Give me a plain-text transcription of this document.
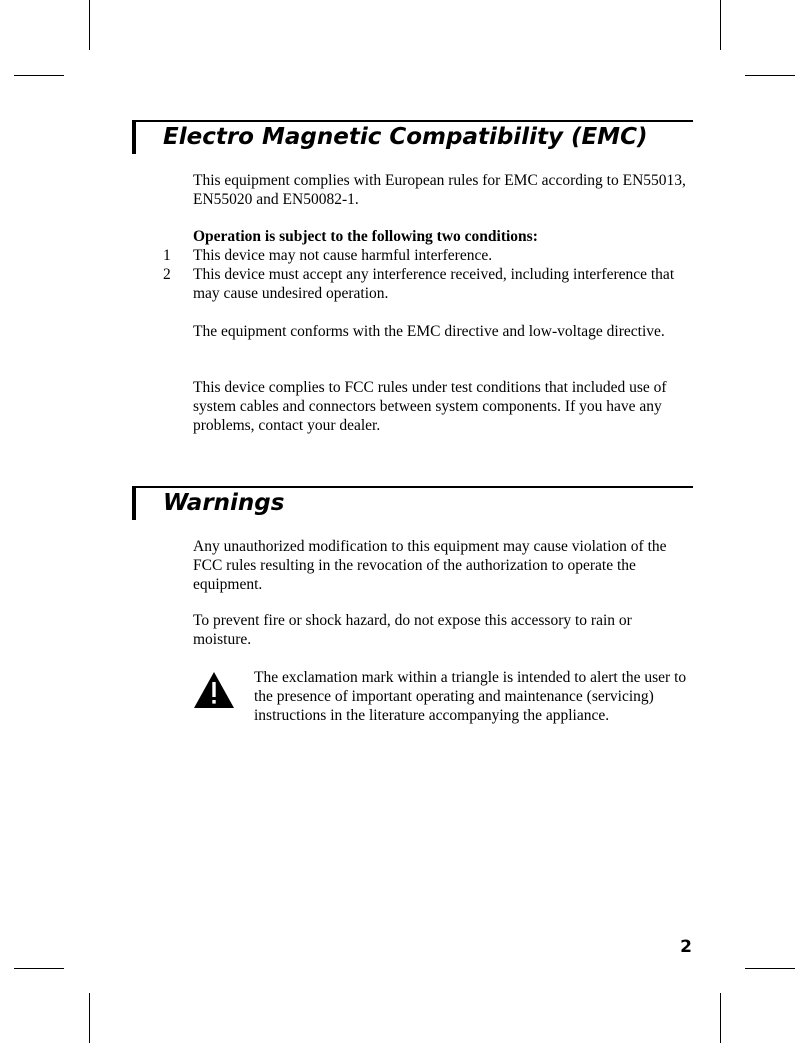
Electro Magnetic Compatibility (EMC)

This equipment complies with European rules for EMC according to EN55013, EN55020 and EN50082-1.

Operation is subject to the following two conditions:

1 This device may not cause harmful interference.
2 This device must accept any interference received, including interference that may cause undesired operation.

The equipment conforms with the EMC directive and low-voltage directive.

This device complies to FCC rules under test conditions that included use of system cables and connectors between system components. If you have any problems, contact your dealer.

Warnings

Any unauthorized modification to this equipment may cause violation of the FCC rules resulting in the revocation of the authorization to operate the equipment.

To prevent fire or shock hazard, do not expose this accessory to rain or moisture.

The exclamation mark within a triangle is intended to alert the user to the presence of important operating and maintenance (servicing) instructions in the literature accompanying the appliance.

2
